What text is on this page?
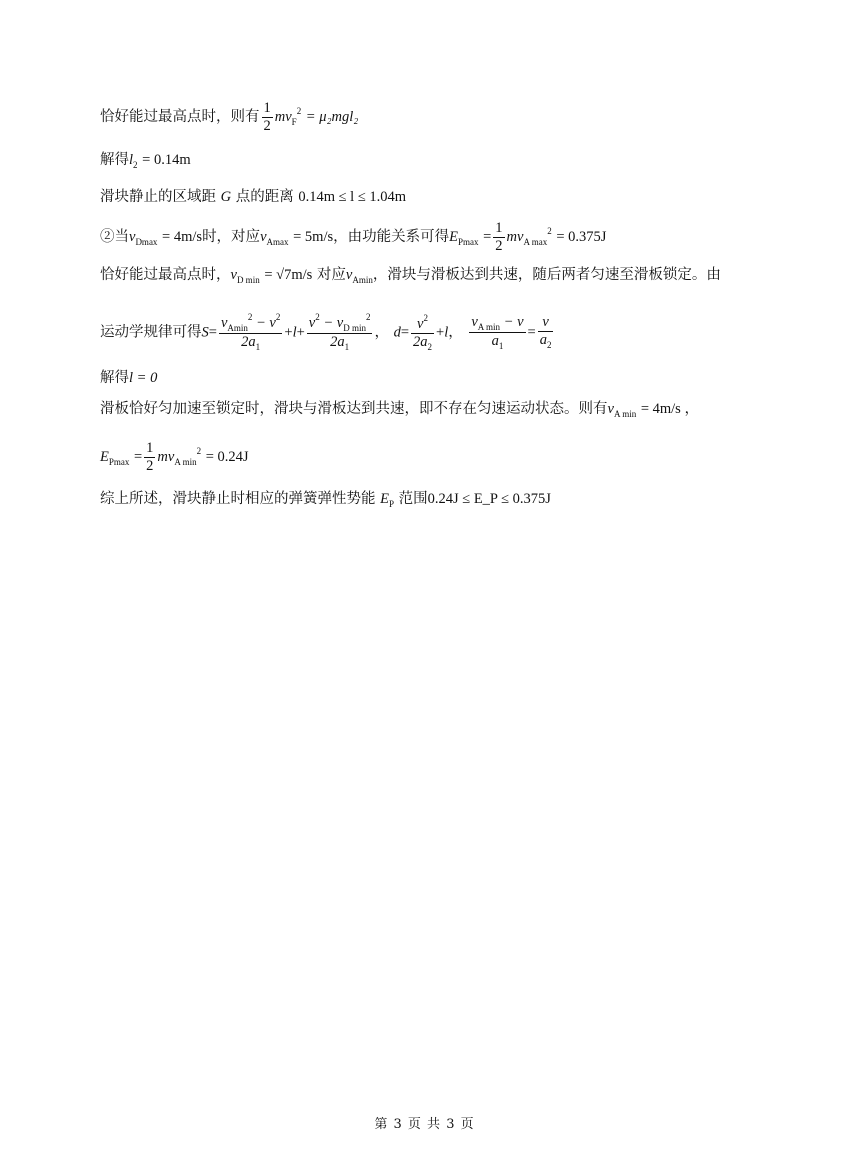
恰好能过最高点时，则有 $\frac{1}{2} mv_F^2 = \mu_2mgl_2$
解得$l_2 = 0.14m$
滑块静止的区域距 G 点的距离 0.14m ≤ l ≤ 1.04m
②当$v_{Dmax} = 4m/s$时，对应$v_{Amax} = 5m/s$，由功能关系可得$E_{Pmax} = \frac{1}{2} mv_{A max}^2 = 0.375J$
恰好能过最高点时，$v_{D min} = √7m/s$ 对应$v_{Amin}$，滑块与滑板达到共速，随后两者匀速至滑板锁定。由
运动学规律可得$S= \frac{v_{Amin}^2 - v^2}{2a_1} +l+ \frac{v^2 - v_{D min}^2}{2a_1}$ ， $d= \frac{v^2}{2a_2} +l$， $\frac{v_{A min} - v}{a_1} = \frac{v}{a_2}$
解得l = 0
滑板恰好匀加速至锁定时，滑块与滑板达到共速，即不存在匀速运动状态。则有$v_{A min} = 4m/s$ ，
$E_{Pmax} = \frac{1}{2} mv_{A min}^2 = 0.24J$
综上所述，滑块静止时相应的弹簧弹性势能 $E_P$ 范围0.24J ≤ E_P ≤ 0.375J
第 3 页 共 3 页
